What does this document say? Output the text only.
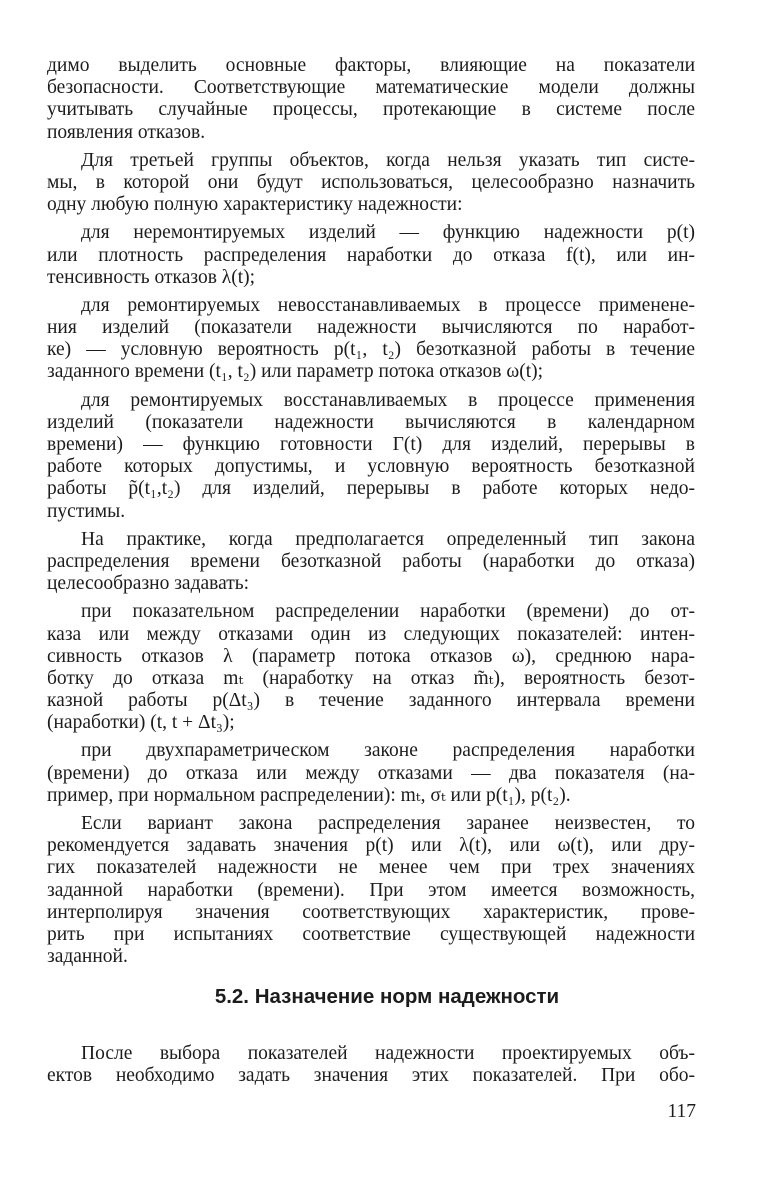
димо выделить основные факторы, влияющие на показатели
безопасности. Соответствующие математические модели должны
учитывать случайные процессы, протекающие в системе после
появления отказов.
Для третьей группы объектов, когда нельзя указать тип систе-
мы, в которой они будут использоваться, целесообразно назначить
одну любую полную характеристику надежности:
для неремонтируемых изделий — функцию надежности p(t)
или плотность распределения наработки до отказа f(t), или ин-
тенсивность отказов λ(t);
для ремонтируемых невосстанавливаемых в процессе применене-
ния изделий (показатели надежности вычисляются по наработ-
ке) — условную вероятность p(t₁, t₂) безотказной работы в течение
заданного времени (t₁, t₂) или параметр потока отказов ω(t);
для ремонтируемых восстанавливаемых в процессе применения
изделий (показатели надежности вычисляются в календарном
времени) — функцию готовности Γ(t) для изделий, перерывы в
работе которых допустимы, и условную вероятность безотказной
работы p̃(t₁,t₂) для изделий, перерывы в работе которых недо-
пустимы.
На практике, когда предполагается определенный тип закона
распределения времени безотказной работы (наработки до отказа)
целесообразно задавать:
при показательном распределении наработки (времени) до от-
каза или между отказами один из следующих показателей: интен-
сивность отказов λ (параметр потока отказов ω), среднюю нара-
ботку до отказа mₜ (наработку на отказ m̃ₜ), вероятность безот-
казной работы p(Δt₃) в течение заданного интервала времени
(наработки) (t, t + Δt₃);
при двухпараметрическом законе распределения наработки
(времени) до отказа или между отказами — два показателя (на-
пример, при нормальном распределении): mₜ, σₜ или p(t₁), p(t₂).
Если вариант закона распределения заранее неизвестен, то
рекомендуется задавать значения p(t) или λ(t), или ω(t), или дру-
гих показателей надежности не менее чем при трех значениях
заданной наработки (времени). При этом имеется возможность,
интерполируя значения соответствующих характеристик, прове-
рить при испытаниях соответствие существующей надежности
заданной.
5.2. Назначение норм надежности
После выбора показателей надежности проектируемых объ-
ектов необходимо задать значения этих показателей. При обо-
117
